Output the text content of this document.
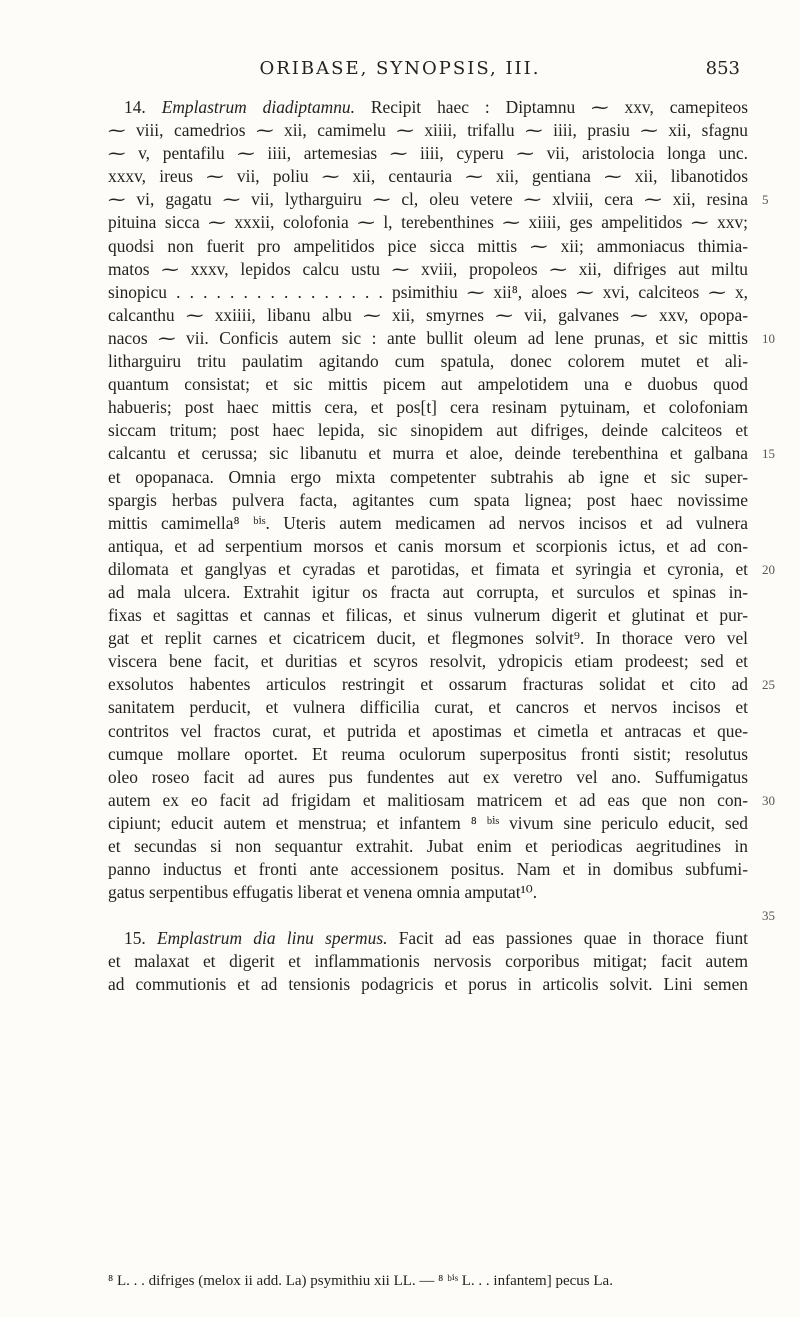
ORIBASE, SYNOPSIS, III.	853
14. Emplastrum diadiptamnu. Recipit haec : Diptamnu ⁓ xxv, camepiteos
⁓ viii, camedrios ⁓ xii, camimelu ⁓ xiiii, trifallu ⁓ iiii, prasiu ⁓ xii, sfagnu
⁓ v, pentafilu ⁓ iiii, artemesias ⁓ iiii, cyperu ⁓ vii, aristolocia longa unc.
xxxv, ireus ⁓ vii, poliu ⁓ xii, centauria ⁓ xii, gentiana ⁓ xii, libanotidos
⁓ vi, gagatu ⁓ vii, lytharguiru ⁓ cl, oleu vetere ⁓ xlviii, cera ⁓ xii, resina
pituina sicca ⁓ xxxii, colofonia ⁓ l, terebenthines ⁓ xiiii, ges ampelitidos ⁓ xxv;
quodsi non fuerit pro ampelitidos pice sicca mittis ⁓ xii; ammoniacus thimia-
matos ⁓ xxxv, lepidos calcu ustu ⁓ xviii, propoleos ⁓ xii, difriges aut miltu
sinopicu . . . . . . . . . . . . . . . . psimithiu ⁓ xii⁸, aloes ⁓ xvi, calciteos ⁓ x,
calcanthu ⁓ xxiiii, libanu albu ⁓ xii, smyrnes ⁓ vii, galvanes ⁓ xxv, opopa-
nacos ⁓ vii. Conficis autem sic : ante bullit oleum ad lene prunas, et sic mittis
litharguiru tritu paulatim agitando cum spatula, donec colorem mutet et ali-
quantum consistat; et sic mittis picem aut ampelotidem una e duobus quod
habueris; post haec mittis cera, et pos[t] cera resinam pytuinam, et colofoniam
siccam tritum; post haec lepida, sic sinopidem aut difriges, deinde calciteos et
calcantu et cerussa; sic libanutu et murra et aloe, deinde terebenthina et galbana
et opopanaca. Omnia ergo mixta competenter subtrahis ab igne et sic super-
spargis herbas pulvera facta, agitantes cum spata lignea; post haec novissime
mittis camimella⁸ ᵇⁱˢ. Uteris autem medicamen ad nervos incisos et ad vulnera
antiqua, et ad serpentium morsos et canis morsum et scorpionis ictus, et ad con-
dilomata et ganglyas et cyradas et parotidas, et fimata et syringia et cyronia, et
ad mala ulcera. Extrahit igitur os fracta aut corrupta, et surculos et spinas in-
fixas et sagittas et cannas et filicas, et sinus vulnerum digerit et glutinat et pur-
gat et replit carnes et cicatricem ducit, et flegmones solvit⁹. In thorace vero vel
viscera bene facit, et duritias et scyros resolvit, ydropicis etiam prodeest; sed et
exsolutos habentes articulos restringit et ossarum fracturas solidat et cito ad
sanitatem perducit, et vulnera difficilia curat, et cancros et nervos incisos et
contritos vel fractos curat, et putrida et apostimas et cimetla et antracas et que-
cumque mollare oportet. Et reuma oculorum superpositus fronti sistit; resolutus
oleo roseo facit ad aures pus fundentes aut ex veretro vel ano. Suffumigatus
autem ex eo facit ad frigidam et malitiosam matricem et ad eas que non con-
cipiunt; educit autem et menstrua; et infantem ⁸ ᵇⁱˢ vivum sine periculo educit, sed
et secundas si non sequantur extrahit. Jubat enim et periodicas aegritudines in
panno inductus et fronti ante accessionem positus. Nam et in domibus subfumi-
gatus serpentibus effugatis liberat et venena omnia amputat¹⁰.
15. Emplastrum dia linu spermus. Facit ad eas passiones quae in thorace fiunt
et malaxat et digerit et inflammationis nervosis corporibus mitigat; facit autem
ad commutionis et ad tensionis podagricis et porus in articolis solvit. Lini semen
5
10
15
20
25
30
35
⁸ L. . . difriges (melox ii add. La) psymithiu xii LL. — ⁸ ᵇⁱˢ L. . . infantem] pecus La.
